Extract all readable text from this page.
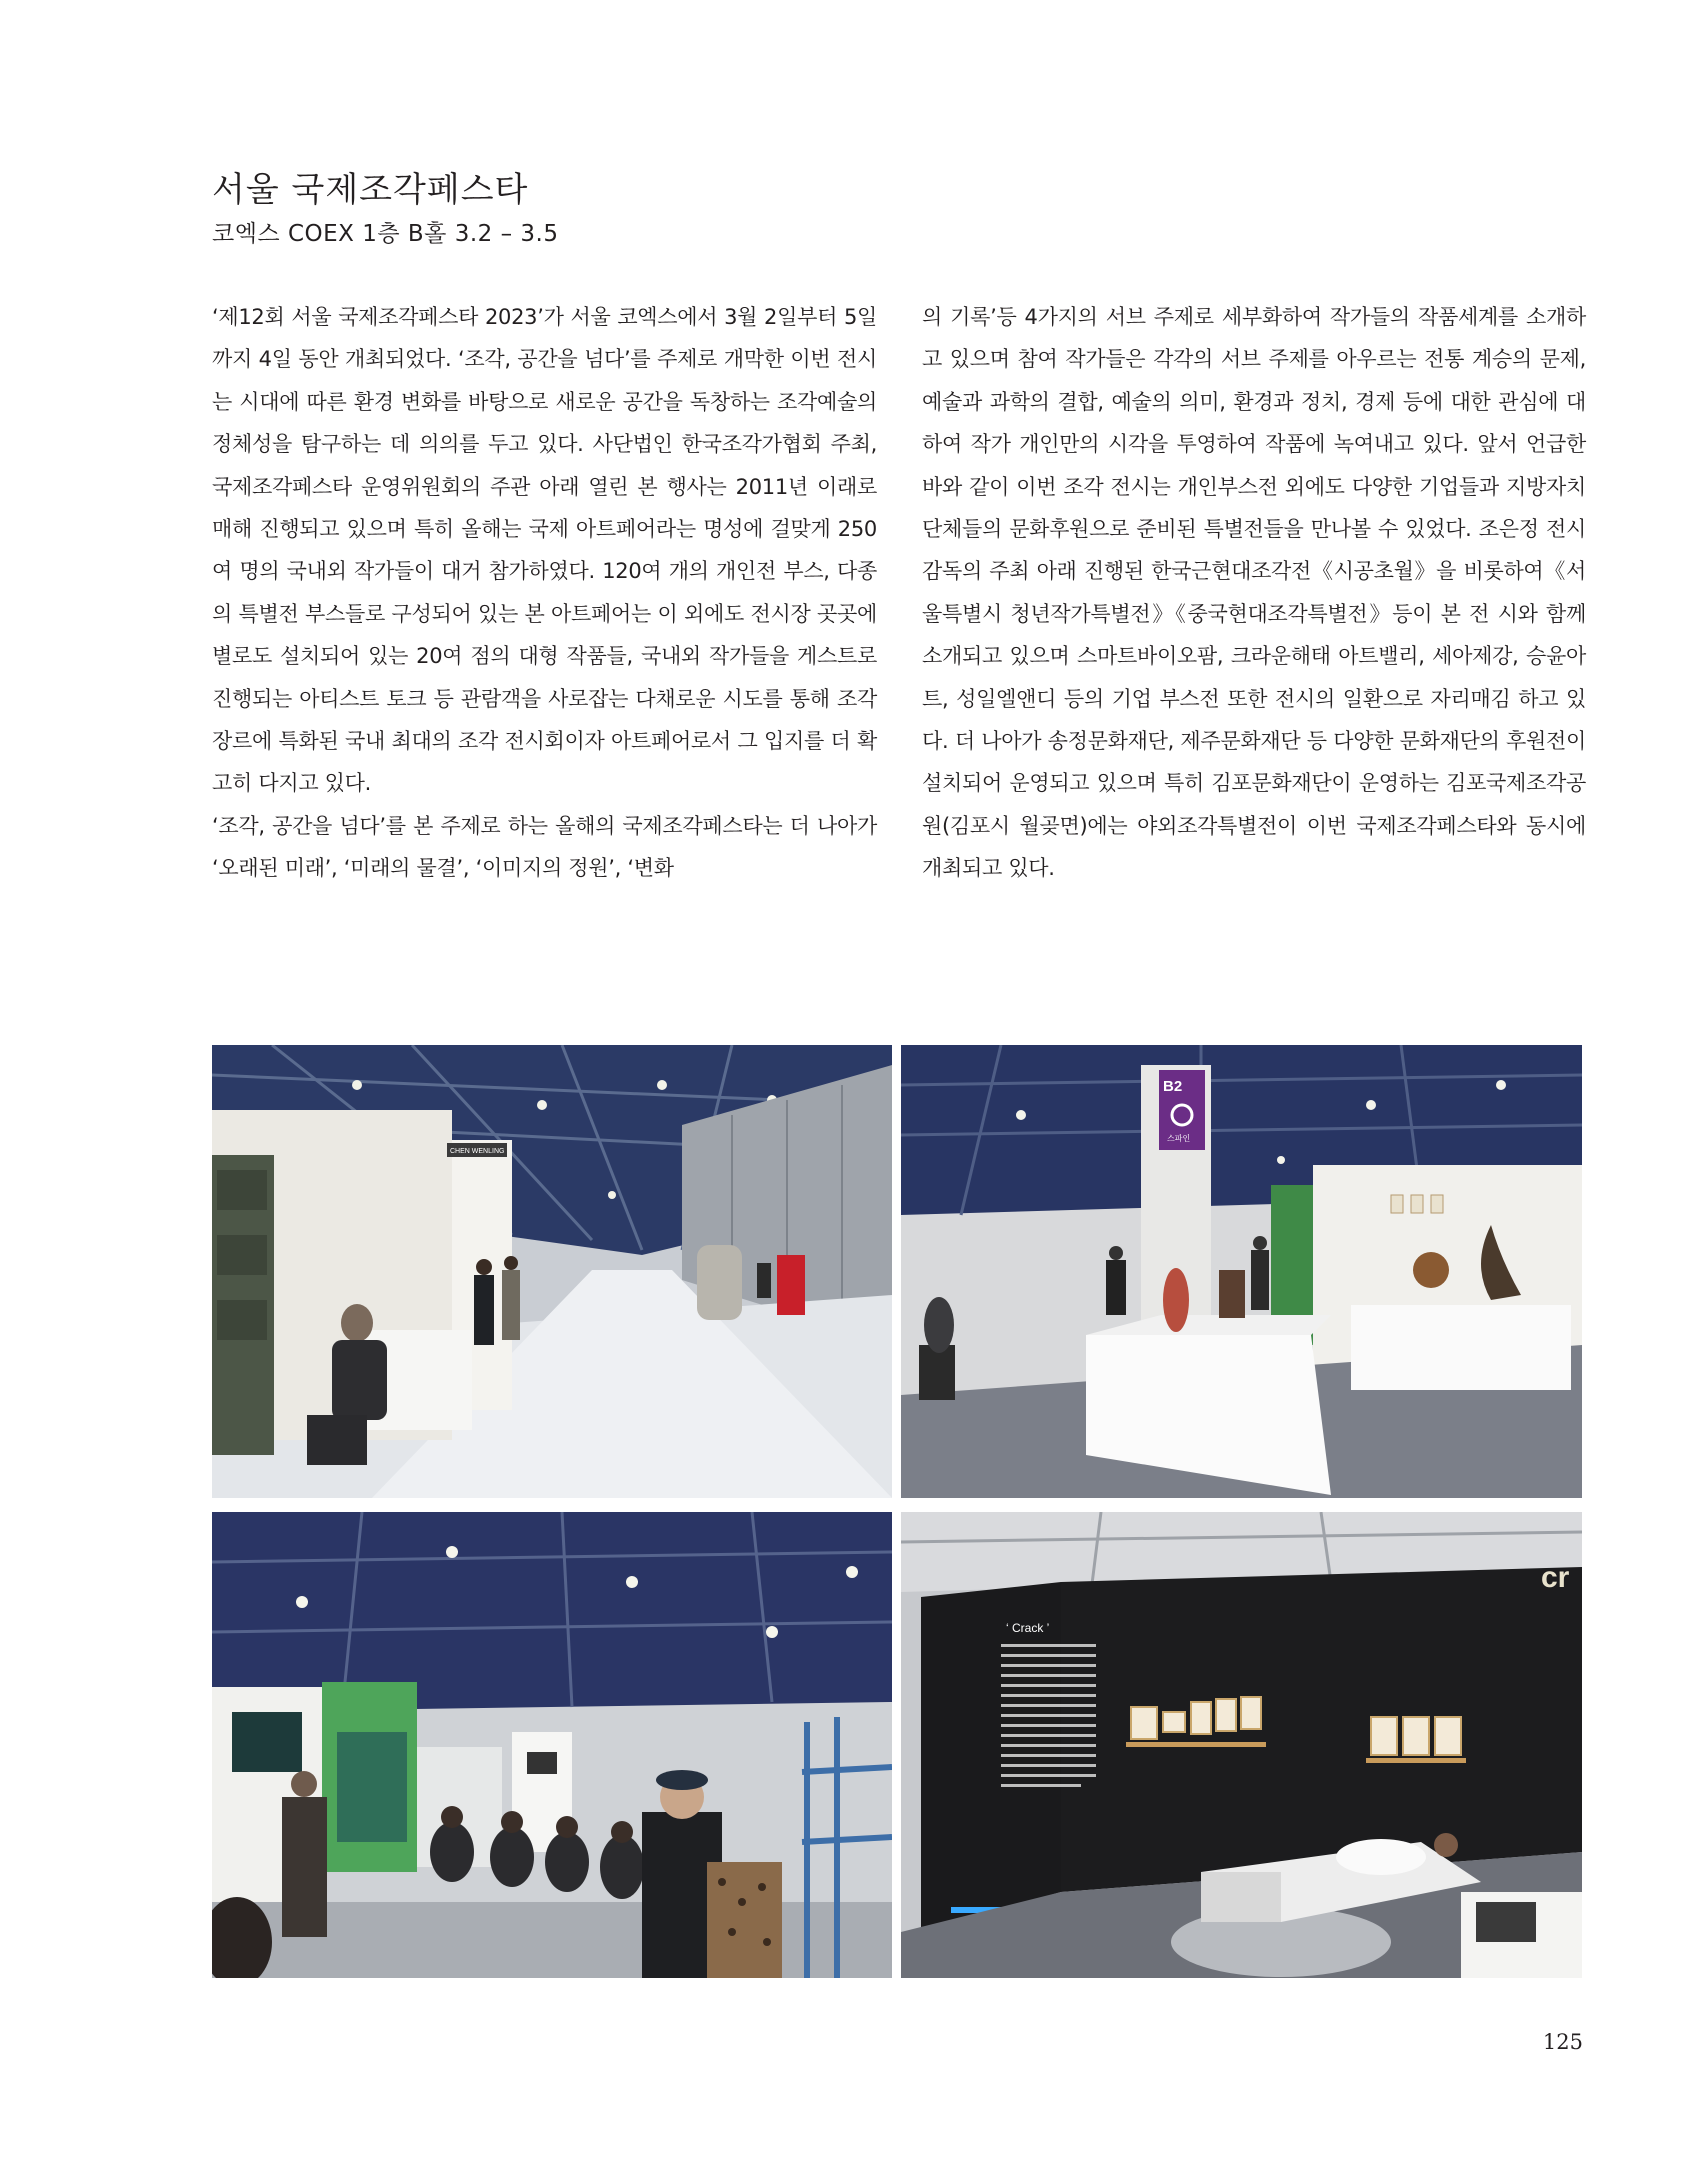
서울 국제조각페스타

코엑스 COEX 1층 B홀 3.2 – 3.5

‘제12회 서울 국제조각페스타 2023’가 서울 코엑스에서 3월 2일부터 5일까지 4일 동안 개최되었다. ‘조각, 공간을 넘다’를 주제로 개막한 이번 전시는 시대에 따른 환경 변화를 바탕으로 새로운 공간을 독창하는 조각예술의 정체성을 탐구하는 데 의의를 두고 있다. 사단법인 한국조각가협회 주최, 국제조각페스타 운영위원회의 주관 아래 열린 본 행사는 2011년 이래로 매해 진행되고 있으며 특히 올해는 국제 아트페어라는 명성에 걸맞게 250여 명의 국내외 작가들이 대거 참가하였다. 120여 개의 개인전 부스, 다종의 특별전 부스들로 구성되어 있는 본 아트페어는 이 외에도 전시장 곳곳에 별로도 설치되어 있는 20여 점의 대형 작품들, 국내외 작가들을 게스트로 진행되는 아티스트 토크 등 관람객을 사로잡는 다채로운 시도를 통해 조각 장르에 특화된 국내 최대의 조각 전시회이자 아트페어로서 그 입지를 더 확고히 다지고 있다.

‘조각, 공간을 넘다’를 본 주제로 하는 올해의 국제조각페스타는 더 나아가 ‘오래된 미래’, ‘미래의 물결’, ‘이미지의 정원’, ‘변화

의 기록’등 4가지의 서브 주제로 세부화하여 작가들의 작품세계를 소개하고 있으며 참여 작가들은 각각의 서브 주제를 아우르는 전통 계승의 문제, 예술과 과학의 결합, 예술의 의미, 환경과 정치, 경제 등에 대한 관심에 대하여 작가 개인만의 시각을 투영하여 작품에 녹여내고 있다. 앞서 언급한 바와 같이 이번 조각 전시는 개인부스전 외에도 다양한 기업들과 지방자치단체들의 문화후원으로 준비된 특별전들을 만나볼 수 있었다. 조은정 전시 감독의 주최 아래 진행된 한국근현대조각전《시공초월》을 비롯하여《서울특별시 청년작가특별전》《중국현대조각특별전》등이 본 전 시와 함께 소개되고 있으며 스마트바이오팜, 크라운해태 아트밸리, 세아제강, 승윤아트, 성일엘앤디 등의 기업 부스전 또한 전시의 일환으로 자리매김 하고 있다. 더 나아가 송정문화재단, 제주문화재단 등 다양한 문화재단의 후원전이 설치되어 운영되고 있으며 특히 김포문화재단이 운영하는 김포국제조각공원(김포시 월곶면)에는 야외조각특별전이 이번 국제조각페스타와 동시에 개최되고 있다.

CHEN WENLING
B2
스파인
‘ Crack ’
cr
125
